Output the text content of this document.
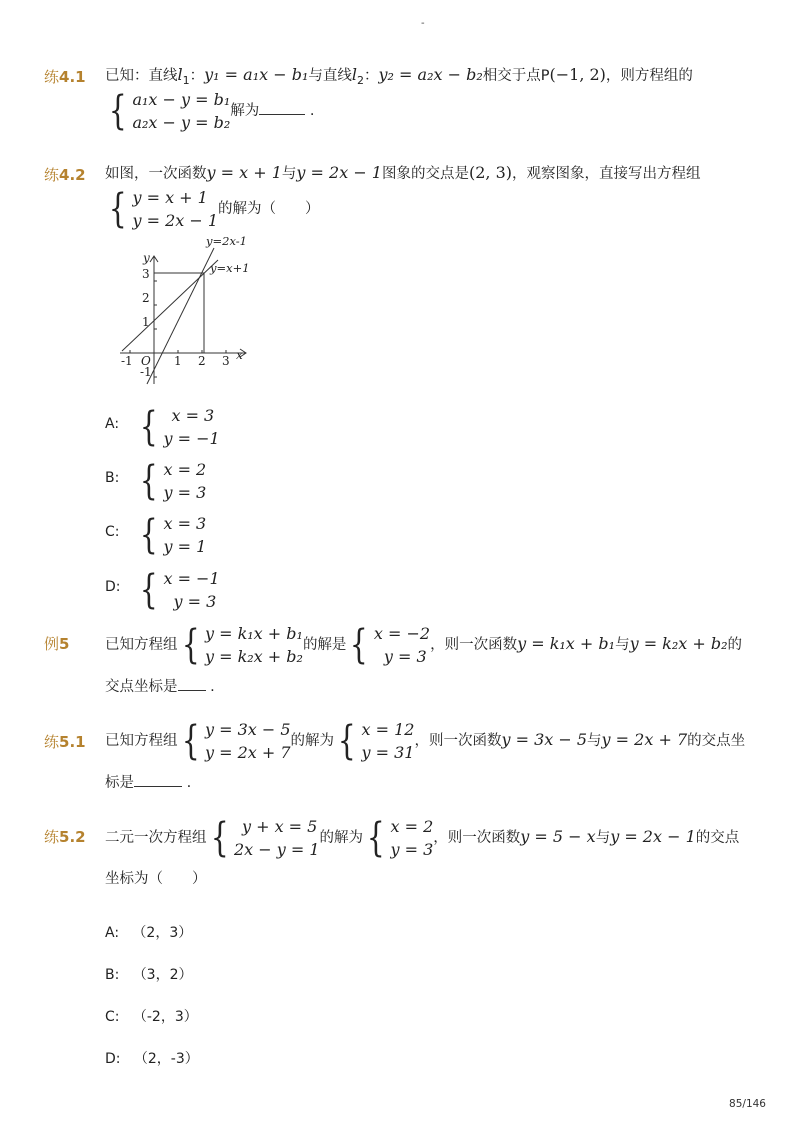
-
练4.1 已知：直线$l_1$：y₁ = a₁x − b₁与直线$l_2$：y₂ = a₂x − b₂相交于点P(−1, 2)，则方程组的
{ a₁x − y = b₁
a₂x − y = b₂
解为	.
练4.2 如图，一次函数y = x + 1与y = 2x − 1图象的交点是(2, 3)，观察图象，直接写出方程组
{ y = x + 1
y = 2x − 1
的解为（　　）
y=2x-1
y=x+1
y
x
O
-1	1 2 3
3
2
1
-1
A: { x = 3
y = −1
B: { x = 2
y = 3
C: { x = 3
y = 1
D: { x = −1
y = 3
例5 已知方程组 { y = k₁x + b₁
y = k₂x + b₂
的解是 { x = −2
y = 3
，则一次函数y = k₁x + b₁与y = k₂x + b₂的
交点坐标是 .
练5.1 已知方程组 { y = 3x − 5
y = 2x + 7
的解为 { x = 12
y = 31
，则一次函数y = 3x − 5与y = 2x + 7的交点坐
标是	.
练5.2 二元一次方程组 { y + x = 5
2x − y = 1
的解为 { x = 2
y = 3
，则一次函数y = 5 − x与y = 2x − 1的交点
坐标为（　　）
A: （2，3）
B: （3，2）
C: （-2，3）
D: （2，-3）
85/146
